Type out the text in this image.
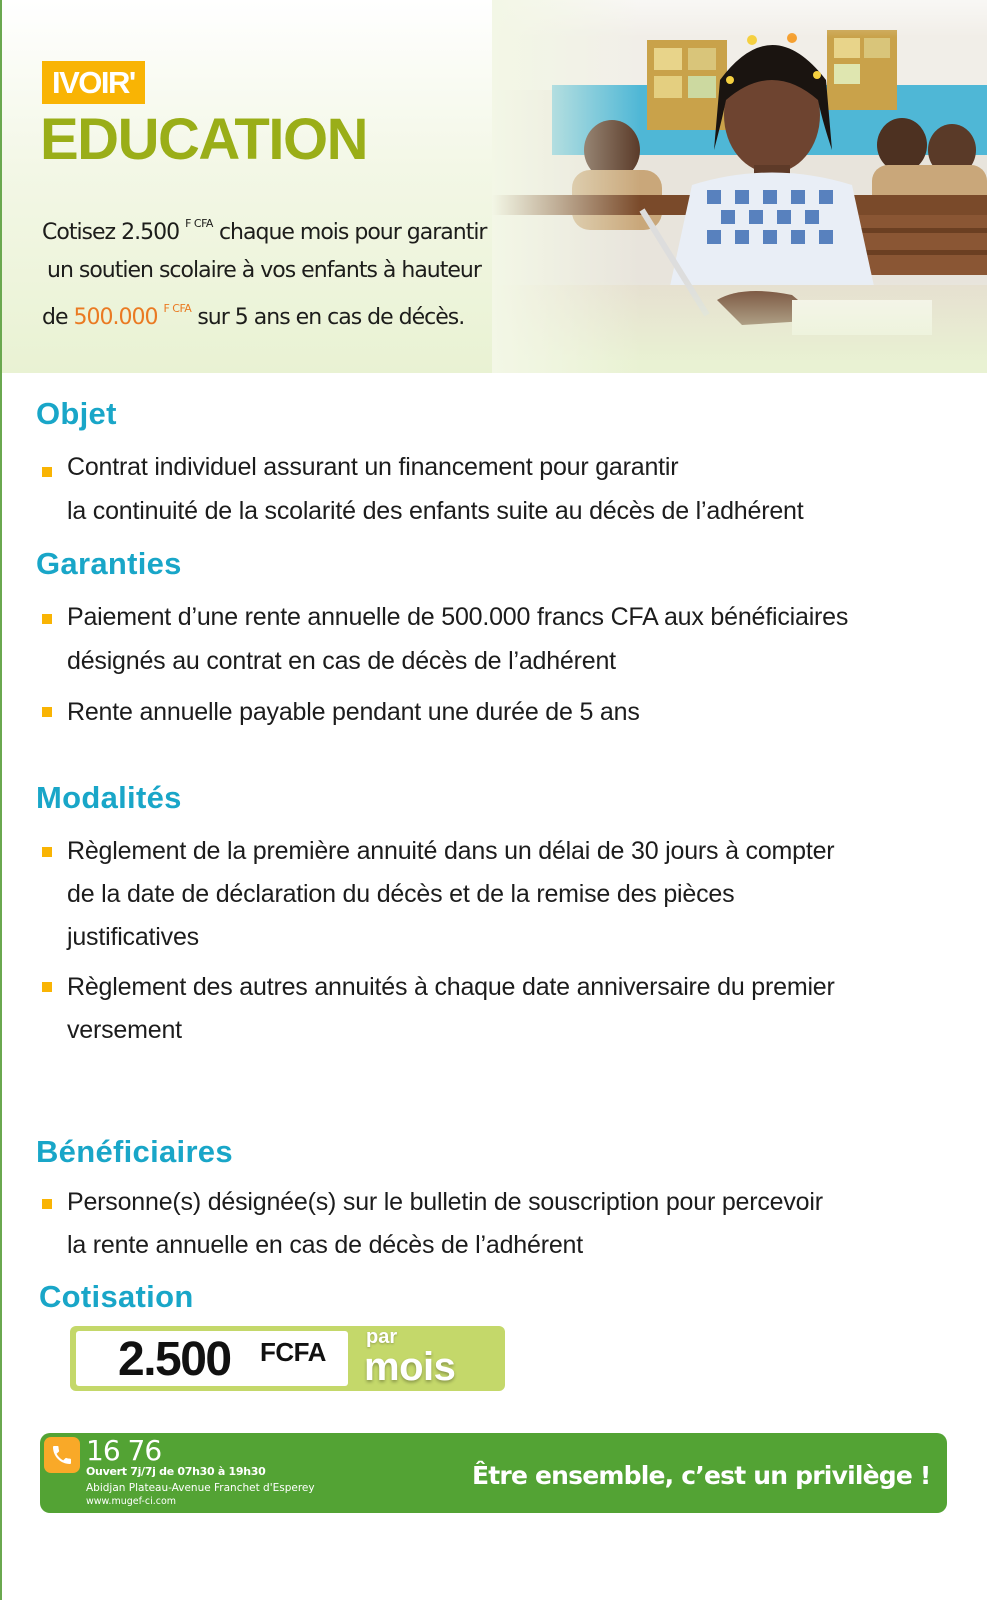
IVOIR'
EDUCATION
Cotisez 2.500 $^{F CFA}$ chaque mois pour garantir
un soutien scolaire à vos enfants à hauteur
de 500.000 $^{F CFA}$ sur 5 ans en cas de décès.
Objet
Contrat individuel assurant un financement pour garantir
la continuité de la scolarité des enfants suite au décès de l’adhérent
Garanties
Paiement d’une rente annuelle de 500.000 francs CFA aux bénéficiaires
désignés au contrat en cas de décès de l’adhérent
Rente annuelle payable pendant une durée de 5 ans
Modalités
Règlement de la première annuité dans un délai de 30 jours à compter
de la date de déclaration du décès et de la remise des pièces
justificatives
Règlement des autres annuités à chaque date anniversaire du premier
versement
Bénéficiaires
Personne(s) désignée(s) sur le bulletin de souscription pour percevoir
la rente annuelle en cas de décès de l’adhérent
Cotisation
2.500 FCFA par
mois
16 76
Ouvert 7j/7j de 07h30 à 19h30
Abidjan Plateau-Avenue Franchet d'Esperey
www.mugef-ci.com
Être ensemble, c’est un privilège !
